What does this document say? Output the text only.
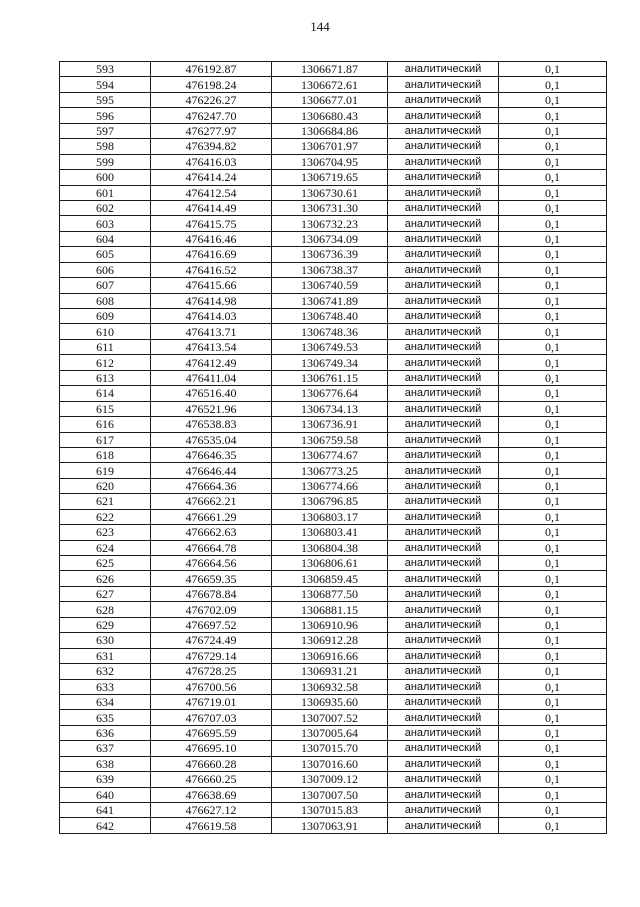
144
593	476192.87	1306671.87	аналитический	0,1
594	476198.24	1306672.61	аналитический	0,1
595	476226.27	1306677.01	аналитический	0,1
596	476247.70	1306680.43	аналитический	0,1
597	476277.97	1306684.86	аналитический	0,1
598	476394.82	1306701.97	аналитический	0,1
599	476416.03	1306704.95	аналитический	0,1
600	476414.24	1306719.65	аналитический	0,1
601	476412.54	1306730.61	аналитический	0,1
602	476414.49	1306731.30	аналитический	0,1
603	476415.75	1306732.23	аналитический	0,1
604	476416.46	1306734.09	аналитический	0,1
605	476416.69	1306736.39	аналитический	0,1
606	476416.52	1306738.37	аналитический	0,1
607	476415.66	1306740.59	аналитический	0,1
608	476414.98	1306741.89	аналитический	0,1
609	476414.03	1306748.40	аналитический	0,1
610	476413.71	1306748.36	аналитический	0,1
611	476413.54	1306749.53	аналитический	0,1
612	476412.49	1306749.34	аналитический	0,1
613	476411.04	1306761.15	аналитический	0,1
614	476516.40	1306776.64	аналитический	0,1
615	476521.96	1306734.13	аналитический	0,1
616	476538.83	1306736.91	аналитический	0,1
617	476535.04	1306759.58	аналитический	0,1
618	476646.35	1306774.67	аналитический	0,1
619	476646.44	1306773.25	аналитический	0,1
620	476664.36	1306774.66	аналитический	0,1
621	476662.21	1306796.85	аналитический	0,1
622	476661.29	1306803.17	аналитический	0,1
623	476662.63	1306803.41	аналитический	0,1
624	476664.78	1306804.38	аналитический	0,1
625	476664.56	1306806.61	аналитический	0,1
626	476659.35	1306859.45	аналитический	0,1
627	476678.84	1306877.50	аналитический	0,1
628	476702.09	1306881.15	аналитический	0,1
629	476697.52	1306910.96	аналитический	0,1
630	476724.49	1306912.28	аналитический	0,1
631	476729.14	1306916.66	аналитический	0,1
632	476728.25	1306931.21	аналитический	0,1
633	476700.56	1306932.58	аналитический	0,1
634	476719.01	1306935.60	аналитический	0,1
635	476707.03	1307007.52	аналитический	0,1
636	476695.59	1307005.64	аналитический	0,1
637	476695.10	1307015.70	аналитический	0,1
638	476660.28	1307016.60	аналитический	0,1
639	476660.25	1307009.12	аналитический	0,1
640	476638.69	1307007.50	аналитический	0,1
641	476627.12	1307015.83	аналитический	0,1
642	476619.58	1307063.91	аналитический	0,1
